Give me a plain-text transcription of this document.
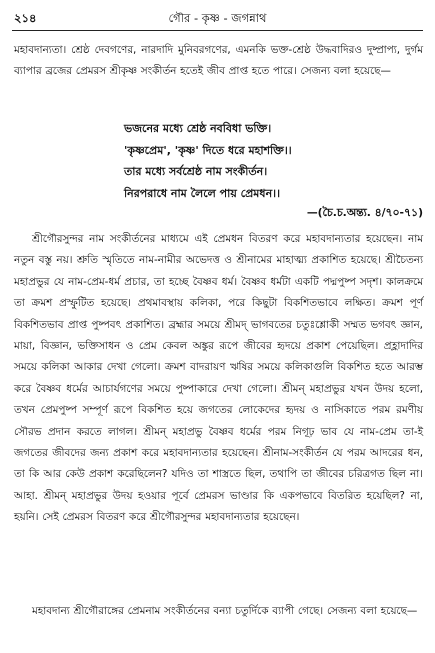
২১৪	গৌর - কৃষ্ণ - জগন্নাথ

মহাবদান্যতা। শ্রেষ্ঠ দেবগণের, নারদাদি মুনিবরগণের, এমনকি ভক্ত-শ্রেষ্ঠ উদ্ধবাদিরও দুষ্প্রাপ্য, দুর্গম ব্যাপার ব্রজের প্রেমরস শ্রীকৃষ্ণ সংকীর্তন হতেই জীব প্রাপ্ত হতে পারে। সেজন্য বলা হয়েছে—

ভজনের মধ্যে শ্রেষ্ঠ নববিধা ভক্তি।
'কৃষ্ণপ্রেম', 'কৃষ্ণ' দিতে ধরে মহাশক্তি।।
তার মধ্যে সর্বশ্রেষ্ঠ নাম সংকীর্তন।
নিরপরাধে নাম লৈলে পায় প্রেমধন।।
—(চৈ.চ.অন্ত্য. ৪/৭০-৭১)

শ্রীগৌরসুন্দর নাম সংকীর্তনের মাধ্যমে এই প্রেমধন বিতরণ করে মহাবদান্যতার হয়েছেন। নাম নতুন বস্তু নয়। শ্রুতি স্মৃতিতে নাম-নামীর অভেদত্ত ও শ্রীনামের মাহাত্ম্য প্রকাশিত হয়েছে। শ্রীচৈতন্য মহাপ্রভুর যে নাম-প্রেম-ধর্ম প্রচার, তা হচ্ছে বৈষ্ণব ধর্ম। বৈষ্ণব ধর্মটা একটি পদ্মপুষ্প সদৃশ। কালক্রমে তা ক্রমশ প্রস্ফুটিত হয়েছে। প্রথমাবস্থায় কলিকা, পরে কিছুটা বিকশিতভাবে লক্ষিত। ক্রমশ পূর্ণ বিকশিতভাব প্রাপ্ত পুষ্পবৎ প্রকাশিত। ব্রহ্মার সময়ে শ্রীমদ্ ভাগবতের চতুঃশ্লোকী সম্মত ভগবৎ জ্ঞান, মায়া, বিজ্ঞান, ভক্তিসাধন ও প্রেম কেবল অঙ্কুর রূপে জীবের হৃদয়ে প্রকাশ পেয়েছিল। প্রহ্লাদাদির সময়ে কলিকা আকার দেখা গেলো। ক্রমশ বাদরায়ণ ঋষির সময়ে কলিকাগুলি বিকশিত হতে আরম্ভ করে বৈষ্ণব ধর্মের আচার্যগণের সময়ে পুষ্পাকারে দেখা গেলো। শ্রীমন্ মহাপ্রভুর যখন উদয় হলো, তখন প্রেমপুষ্প সম্পূর্ণ রূপে বিকশিত হয়ে জগতের লোকেদের হৃদয় ও নাসিকাতে পরম রমণীয় সৌরভ প্রদান করতে লাগল। শ্রীমন্ মহাপ্রভু বৈষ্ণব ধর্মের পরম নিগূঢ় ভাব যে নাম-প্রেম তা-ই জগতের জীবদের জন্য প্রকাশ করে মহাবদান্যতার হয়েছেন। শ্রীনাম-সংকীর্তন যে পরম আদরের ধন, তা কি আর কেউ প্রকাশ করেছিলেন? যদিও তা শাস্ত্রতে ছিল, তথাপি তা জীবের চরিত্রগত ছিল না। আহা. শ্রীমন্ মহাপ্রভুর উদয় হওয়ার পূর্বে প্রেমরস ভাণ্ডার কি একপভাবে বিতরিত হয়েছিল? না, হয়নি। সেই প্রেমরস বিতরণ করে শ্রীগৌরসুন্দর মহাবদান্যতার হয়েছেন।

মহাবদান্য শ্রীগৌরাঙ্গের প্রেমনাম সংকীর্তনের বন্যা চতুর্দিকে ব্যাপী গেছে। সেজন্য বলা হয়েছে—
